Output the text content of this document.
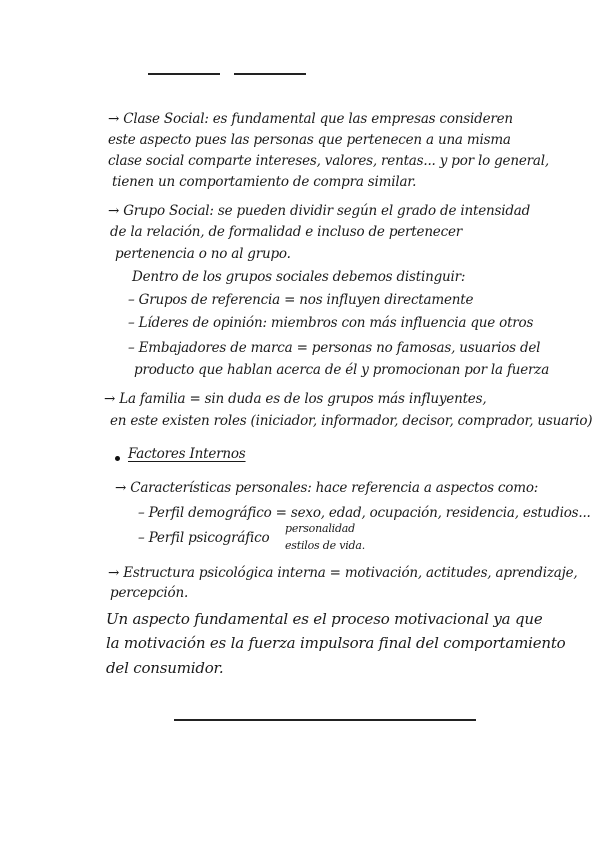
→ Clase Social: es fundamental que las empresas consideren
este aspecto pues las personas que pertenecen a una misma
clase social comparte intereses, valores, rentas... y por lo general,
tienen un comportamiento de compra similar.
→ Grupo Social: se pueden dividir según el grado de intensidad
de la relación, de formalidad e incluso de pertenecer
pertenencia o no al grupo.
Dentro de los grupos sociales debemos distinguir:
– Grupos de referencia = nos influyen directamente
– Líderes de opinión: miembros con más influencia que otros
– Embajadores de marca = personas no famosas, usuarios del
producto que hablan acerca de él y promocionan por la fuerza
→ La familia = sin duda es de los grupos más influyentes,
en este existen roles (iniciador, informador, decisor, comprador, usuario)
Factores Internos
→ Características personales: hace referencia a aspectos como:
– Perfil demográfico = sexo, edad, ocupación, residencia, estudios...
– Perfil psicográfico
personalidad
estilos de vida.
→ Estructura psicológica interna = motivación, actitudes, aprendizaje,
percepción.
Un aspecto fundamental es el proceso motivacional ya que
la motivación es la fuerza impulsora final del comportamiento
del consumidor.
